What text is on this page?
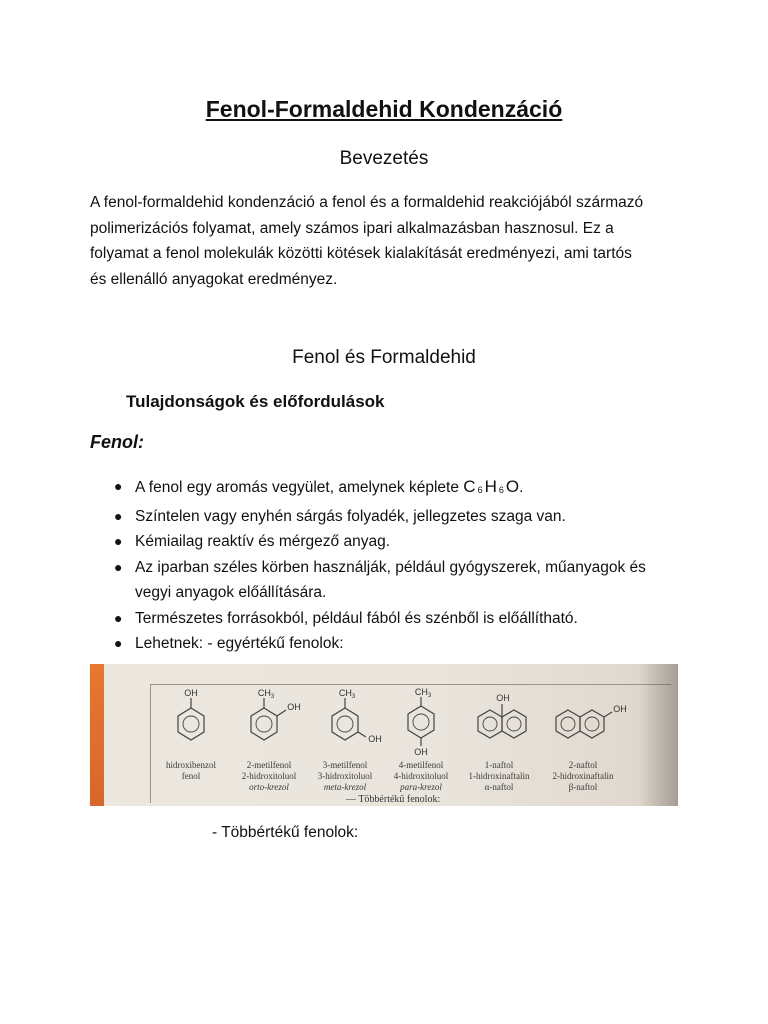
Fenol-Formaldehid Kondenzáció
Bevezetés
A fenol-formaldehid kondenzáció a fenol és a formaldehid reakciójából származó
polimerizációs folyamat, amely számos ipari alkalmazásban hasznosul. Ez a
folyamat a fenol molekulák közötti kötések kialakítását eredményezi, ami tartós
és ellenálló anyagokat eredményez.
Fenol és Formaldehid
Tulajdonságok és előfordulások
Fenol:
● A fenol egy aromás vegyület, amelynek képlete C $_6$ H $_6$ O.
● Színtelen vagy enyhén sárgás folyadék, jellegzetes szaga van.
● Kémiailag reaktív és mérgező anyag.
● Az iparban széles körben használják, például gyógyszerek, műanyagok és
vegyi anyagok előállítására.
● Természetes forrásokból, például fából és szénből is előállítható.
● Lehetnek: - egyértékű fenolok:
OH
hidroxibenzol
fenol
$CH_3$
OH
2-metilfenol
2-hidroxitoluol
orto-krezol
$CH_3$
OH
3-metilfenol
3-hidroxitoluol
meta-krezol
$CH_3$
OH
4-metilfenol
4-hidroxitoluol
para-krezol
OH
1-naftol
1-hidroxinaftalin
α-naftol
OH
2-naftol
2-hidroxinaftalin
β-naftol
— Többértékű fenolok:
- Többértékű fenolok:
